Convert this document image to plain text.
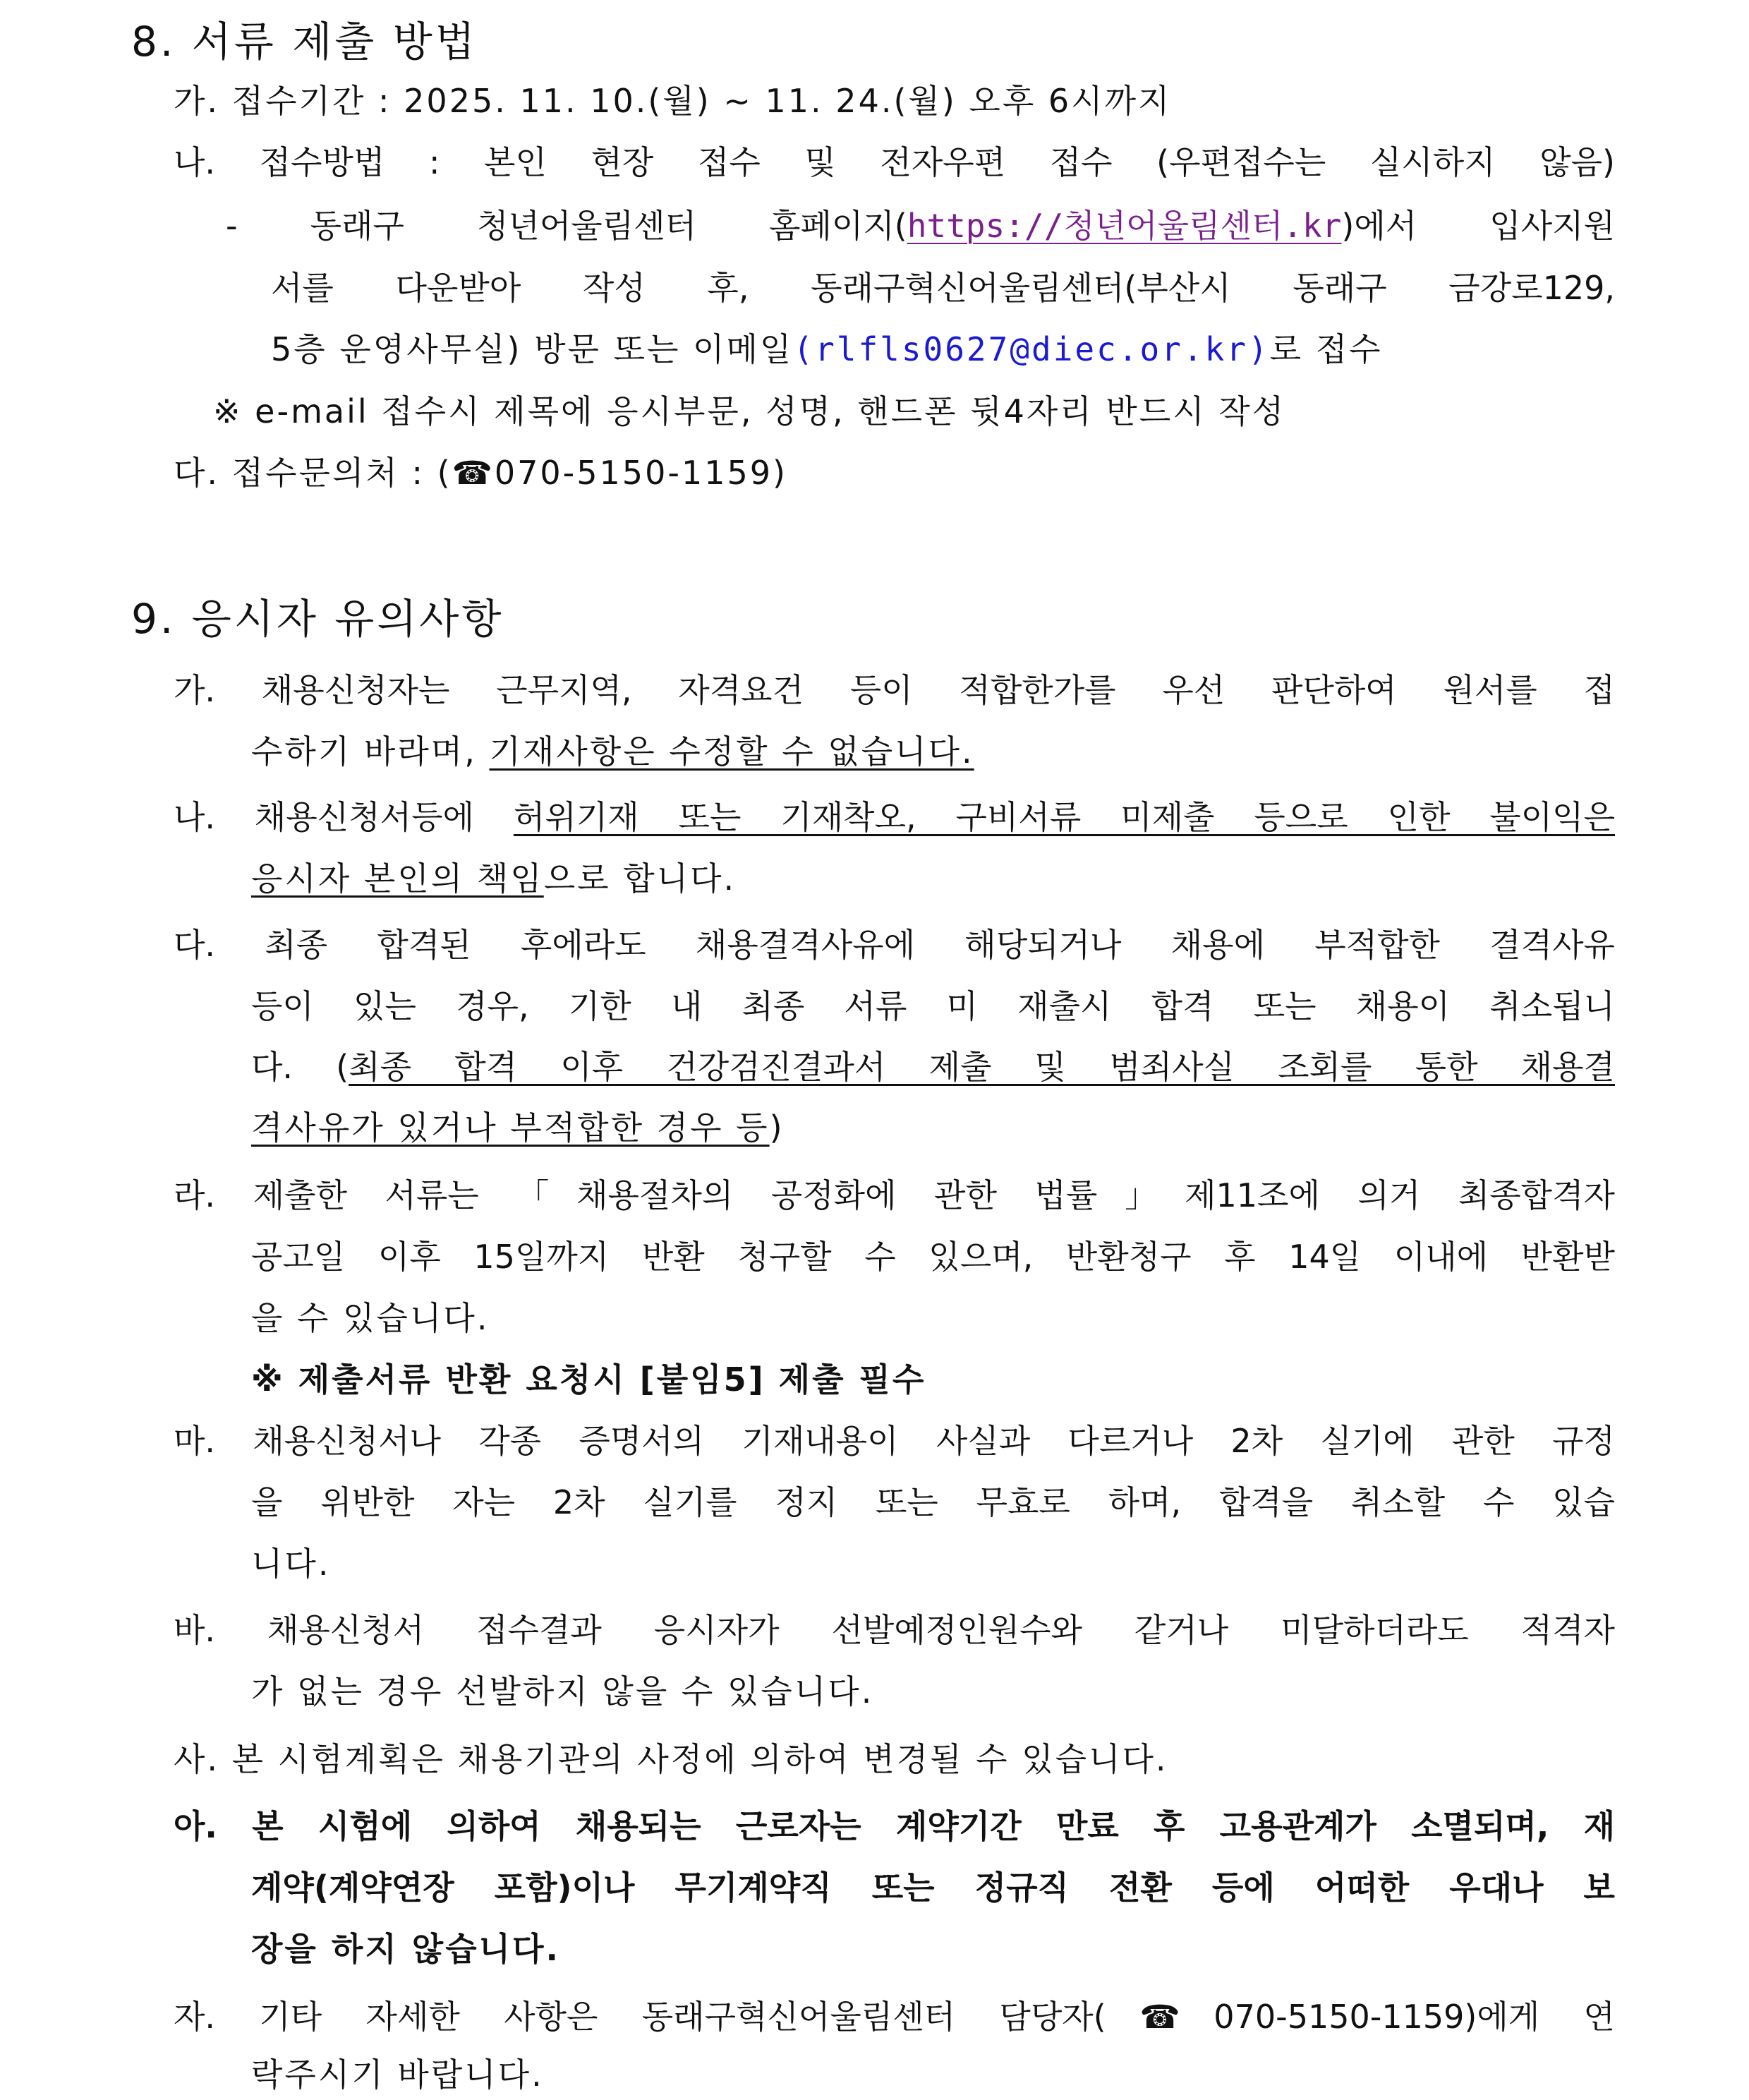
8. 서류 제출 방법
가. 접수기간 : 2025. 11. 10.(월) ~ 11. 24.(월) 오후 6시까지
나. 접수방법 : 본인 현장 접수 및 전자우편 접수 (우편접수는 실시하지 않음)
- 동래구 청년어울림센터 홈페이지(https://청년어울림센터.kr)에서 입사지원
서를 다운받아 작성 후, 동래구혁신어울림센터(부산시 동래구 금강로129,
5층 운영사무실) 방문 또는 이메일(rlfls0627@diec.or.kr)로 접수
※ e-mail 접수시 제목에 응시부문, 성명, 핸드폰 뒷4자리 반드시 작성
다. 접수문의처 : (☎070-5150-1159)
9. 응시자 유의사항
가. 채용신청자는 근무지역, 자격요건 등이 적합한가를 우선 판단하여 원서를 접
수하기 바라며, 기재사항은 수정할 수 없습니다.
나. 채용신청서등에 허위기재 또는 기재착오, 구비서류 미제출 등으로 인한 불이익은
응시자 본인의 책임으로 합니다.
다. 최종 합격된 후에라도 채용결격사유에 해당되거나 채용에 부적합한 결격사유
등이 있는 경우, 기한 내 최종 서류 미 재출시 합격 또는 채용이 취소됩니
다. (최종 합격 이후 건강검진결과서 제출 및 범죄사실 조회를 통한 채용결
격사유가 있거나 부적합한 경우 등)
라. 제출한 서류는 「채용절차의 공정화에 관한 법률」제11조에 의거 최종합격자
공고일 이후 15일까지 반환 청구할 수 있으며, 반환청구 후 14일 이내에 반환받
을 수 있습니다.
※ 제출서류 반환 요청시 [붙임5] 제출 필수
마. 채용신청서나 각종 증명서의 기재내용이 사실과 다르거나 2차 실기에 관한 규정
을 위반한 자는 2차 실기를 정지 또는 무효로 하며, 합격을 취소할 수 있습
니다.
바. 채용신청서 접수결과 응시자가 선발예정인원수와 같거나 미달하더라도 적격자
가 없는 경우 선발하지 않을 수 있습니다.
사. 본 시험계획은 채용기관의 사정에 의하여 변경될 수 있습니다.
아. 본 시험에 의하여 채용되는 근로자는 계약기간 만료 후 고용관계가 소멸되며, 재
계약(계약연장 포함)이나 무기계약직 또는 정규직 전환 등에 어떠한 우대나 보
장을 하지 않습니다.
자. 기타 자세한 사항은 동래구혁신어울림센터 담당자(☎070-5150-1159)에게 연
락주시기 바랍니다.
